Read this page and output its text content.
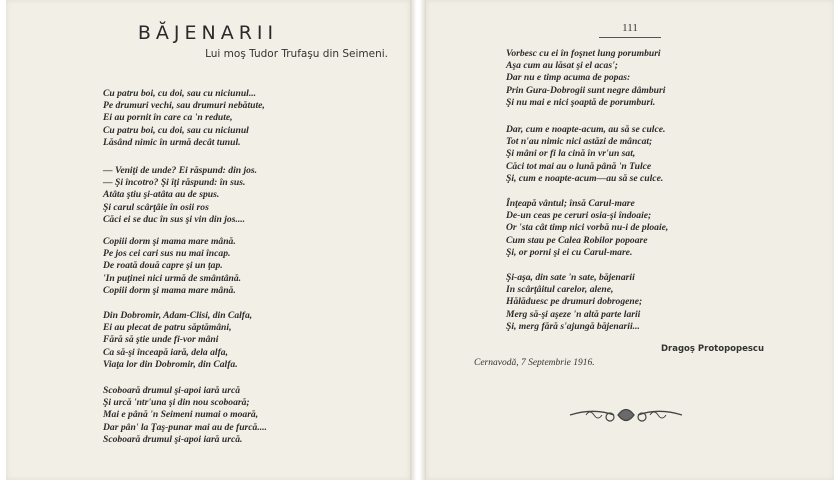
BĂJENARII
Lui moş Tudor Trufaşu din Seimeni.
Cu patru boi, cu doi, sau cu niciunul...
Pe drumuri vechi, sau drumuri nebătute,
Ei au pornit în care ca 'n redute,
Cu patru boi, cu doi, sau cu niciunul
Lăsând nimic în urmă decât tunul.
— Veniţi de unde? Ei răspund: din jos.
— Şi încotro? Şi îţi răspund: în sus.
Atâta ştiu şi-atâta au de spus.
Şi carul scârţâie în osii ros
Căci ei se duc în sus şi vin din jos....
Copiii dorm şi mama mare mână.
Pe jos cei cari sus nu mai încap.
De roată două capre şi un ţap.
'In puţinei nici urmă de smântână.
Copiii dorm şi mama mare mână.
Din Dobromir, Adam-Clisi, din Calfa,
Ei au plecat de patru săptămâni,
Fără să ştie unde fi-vor mâni
Ca să-şi înceapă iară, dela alfa,
Viaţa lor din Dobromir, din Calfa.
Scoboară drumul şi-apoi iară urcă
Şi urcă 'ntr'una şi din nou scoboară;
Mai e până 'n Seimeni numai o moară,
Dar pân' la Ţaş-punar mai au de furcă....
Scoboară drumul şi-apoi iară urcă.
111
Vorbesc cu ei în foşnet lung porumburi
Aşa cum au lăsat şi el acas';
Dar nu e timp acuma de popas:
Prin Gura-Dobrogii sunt negre dâmburi
Şi nu mai e nici şoaptă de porumburi.
Dar, cum e noapte-acum, au să se culce.
Tot n'au nimic nici astăzi de mâncat;
Şi mâni or fi la cină în vr'un sat,
Căci tot mai au o lună până 'n Tulce
Şi, cum e noapte-acum—au să se culce.
Înţeapă vântul; însă Carul-mare
De-un ceas pe ceruri osia-şi îndoaie;
Or 'sta cât timp nici vorbă nu-i de ploaie,
Cum stau pe Calea Robilor popoare
Şi, or porni şi ei cu Carul-mare.
Şi-aşa, din sate 'n sate, băjenarii
In scârţâitul carelor, alene,
Hălăduesc pe drumuri dobrogene;
Merg să-şi aşeze 'n altă parte larii
Şi, merg fără s'ajungă băjenarii...
Dragoş Protopopescu
Cernavodă, 7 Septembrie 1916.
